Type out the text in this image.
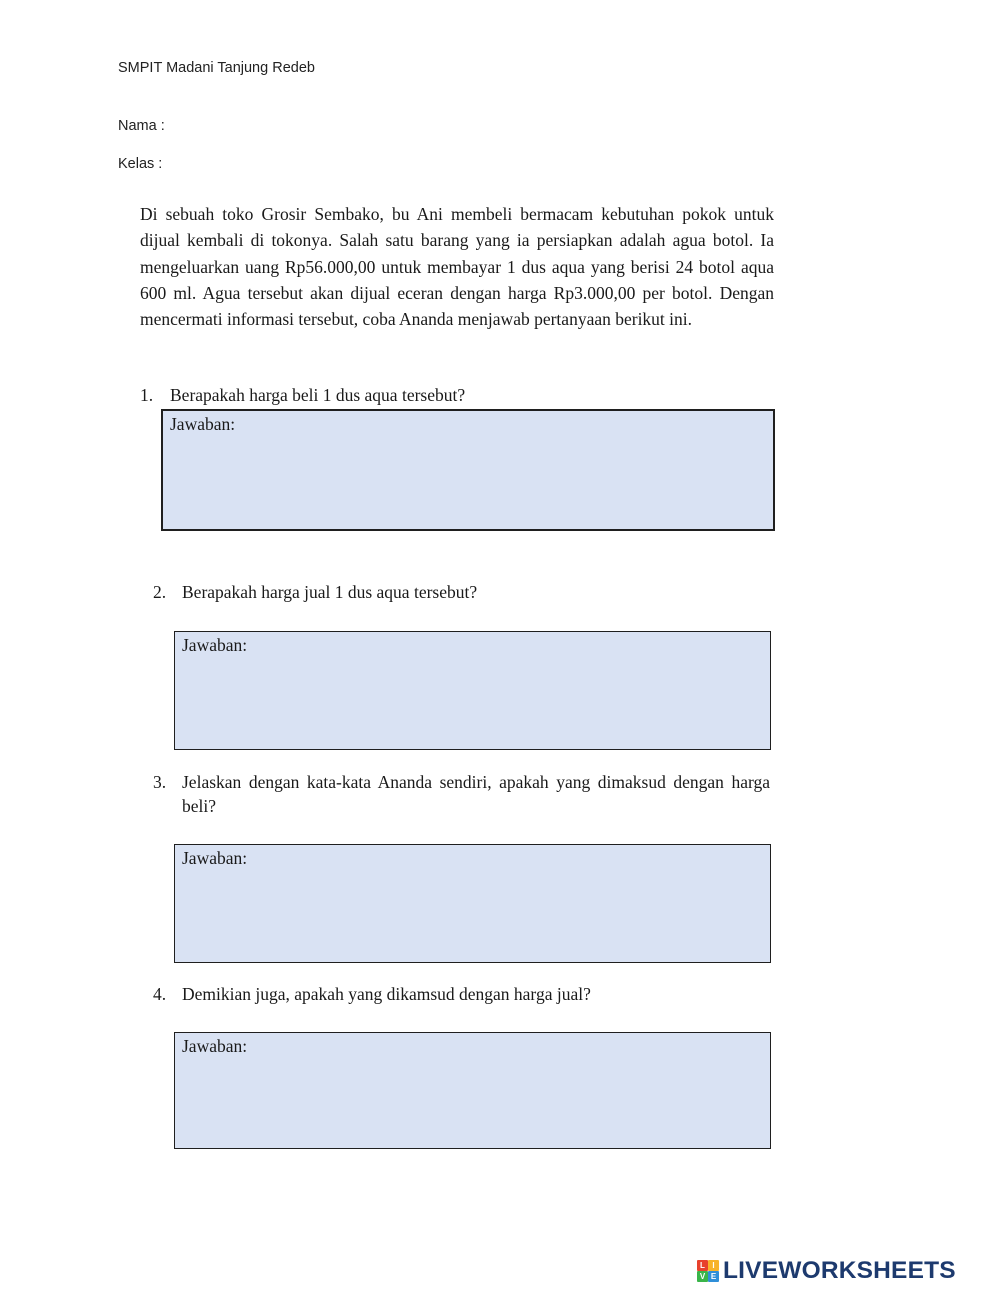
SMPIT Madani Tanjung Redeb

Nama :

Kelas :

Di sebuah toko Grosir Sembako, bu Ani membeli bermacam kebutuhan pokok untuk dijual kembali di tokonya. Salah satu barang yang ia persiapkan adalah agua botol. Ia mengeluarkan uang Rp56.000,00 untuk membayar 1 dus aqua yang berisi 24 botol aqua 600 ml. Agua tersebut akan dijual eceran dengan harga Rp3.000,00 per botol. Dengan mencermati informasi tersebut, coba Ananda menjawab pertanyaan berikut ini.

1. Berapakah harga beli 1 dus aqua tersebut?

Jawaban:

2. Berapakah harga jual 1 dus aqua tersebut?

Jawaban:

3. Jelaskan dengan kata-kata Ananda sendiri, apakah yang dimaksud dengan harga beli?

Jawaban:

4. Demikian juga, apakah yang dikamsud dengan harga jual?

Jawaban:

L I
V E LIVEWORKSHEETS
